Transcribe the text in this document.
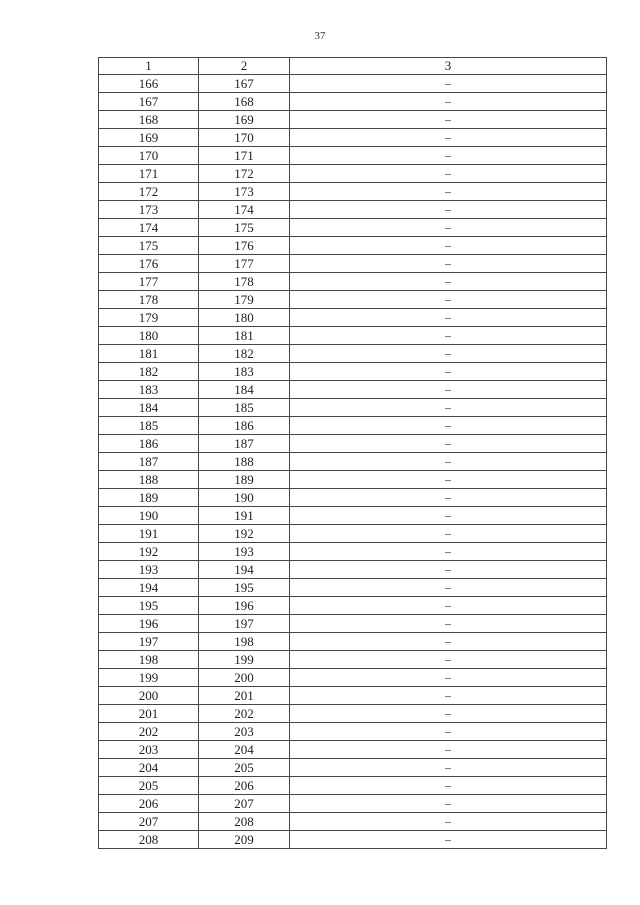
37
1	2	3
166	167	–
167	168	–
168	169	–
169	170	–
170	171	–
171	172	–
172	173	–
173	174	–
174	175	–
175	176	–
176	177	–
177	178	–
178	179	–
179	180	–
180	181	–
181	182	–
182	183	–
183	184	–
184	185	–
185	186	–
186	187	–
187	188	–
188	189	–
189	190	–
190	191	–
191	192	–
192	193	–
193	194	–
194	195	–
195	196	–
196	197	–
197	198	–
198	199	–
199	200	–
200	201	–
201	202	–
202	203	–
203	204	–
204	205	–
205	206	–
206	207	–
207	208	–
208	209	–
